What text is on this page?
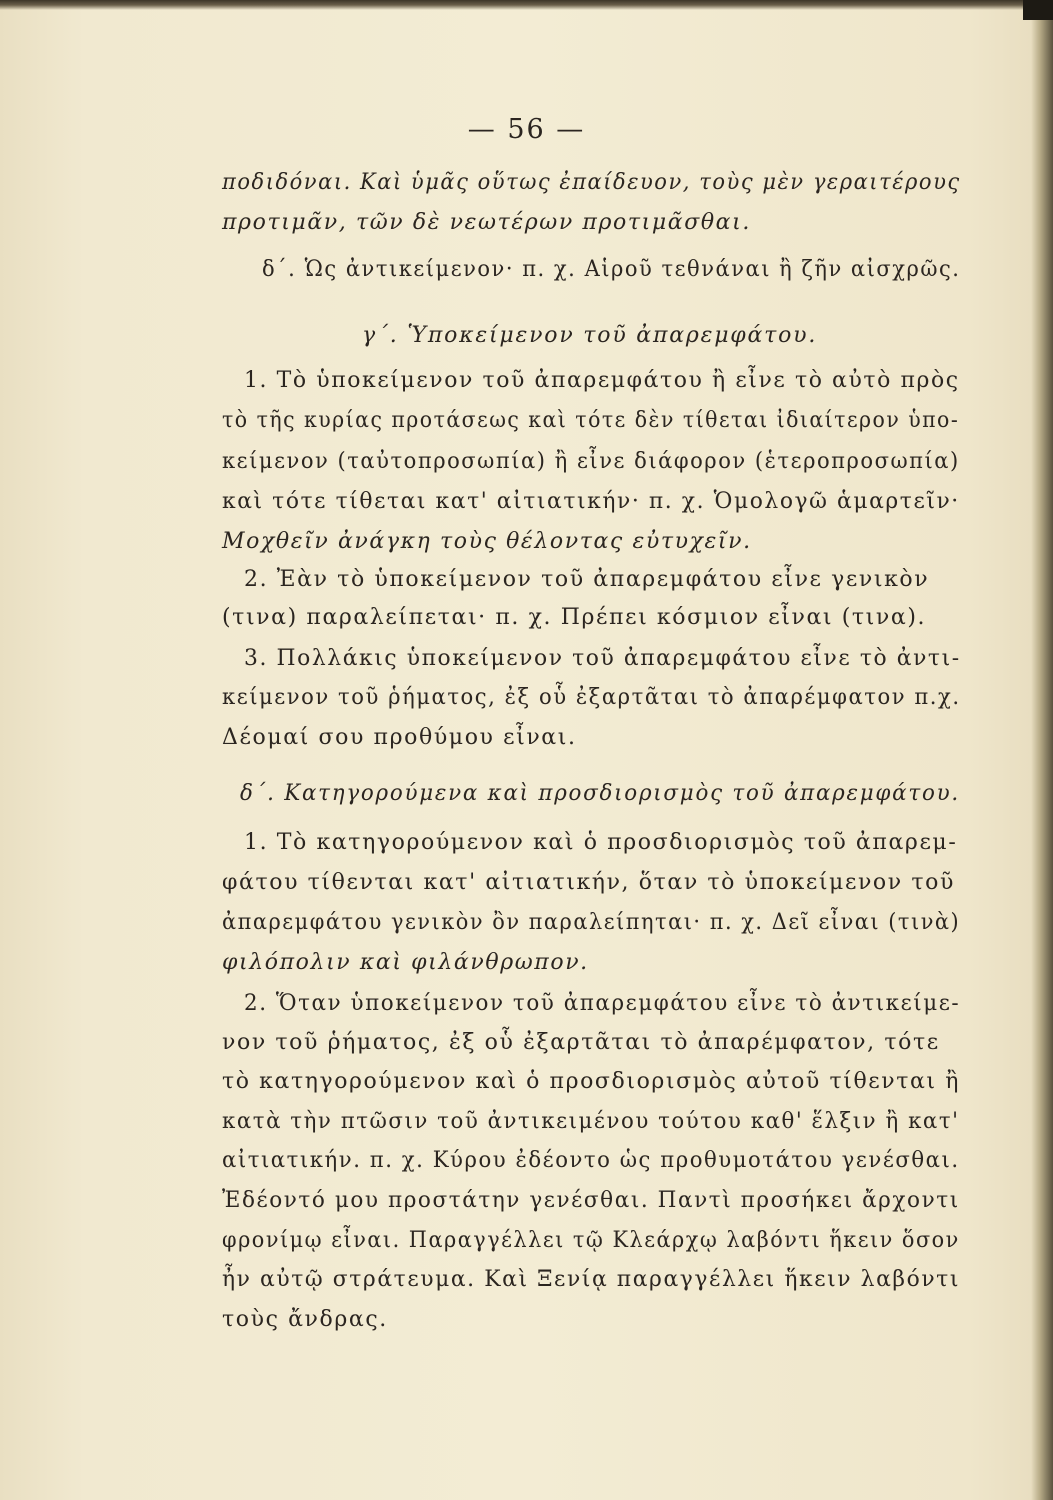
— 56 —
ποδιδόναι. Καὶ ὑμᾶς οὕτως ἐπαίδευον, τοὺς μὲν γεραιτέρους
προτιμᾶν, τῶν δὲ νεωτέρων προτιμᾶσθαι.
δ΄. Ὡς ἀντικείμενον· π. χ. Αἱροῦ τεθνάναι ἢ ζῆν αἰσχρῶς.
γ΄. Ὑποκείμενον τοῦ ἀπαρεμφάτου.
1. Τὸ ὑποκείμενον τοῦ ἀπαρεμφάτου ἢ εἶνε τὸ αὐτὸ πρὸς
τὸ τῆς κυρίας προτάσεως καὶ τότε δὲν τίθεται ἰδιαίτερον ὑπο-
κείμενον (ταὐτοπροσωπία) ἢ εἶνε διάφορον (ἑτεροπροσωπία)
καὶ τότε τίθεται κατ' αἰτιατικήν· π. χ. Ὁμολογῶ ἁμαρτεῖν·
Μοχθεῖν ἀνάγκη τοὺς θέλοντας εὐτυχεῖν.
2. Ἐὰν τὸ ὑποκείμενον τοῦ ἀπαρεμφάτου εἶνε γενικὸν
(τινα) παραλείπεται· π. χ. Πρέπει κόσμιον εἶναι (τινα).
3. Πολλάκις ὑποκείμενον τοῦ ἀπαρεμφάτου εἶνε τὸ ἀντι-
κείμενον τοῦ ῥήματος, ἐξ οὗ ἐξαρτᾶται τὸ ἀπαρέμφατον π.χ.
Δέομαί σου προθύμου εἶναι.
δ΄. Κατηγορούμενα καὶ προσδιορισμὸς τοῦ ἀπαρεμφάτου.
1. Τὸ κατηγορούμενον καὶ ὁ προσδιορισμὸς τοῦ ἀπαρεμ-
φάτου τίθενται κατ' αἰτιατικήν, ὅταν τὸ ὑποκείμενον τοῦ
ἀπαρεμφάτου γενικὸν ὂν παραλείπηται· π. χ. Δεῖ εἶναι (τινὰ)
φιλόπολιν καὶ φιλάνθρωπον.
2. Ὅταν ὑποκείμενον τοῦ ἀπαρεμφάτου εἶνε τὸ ἀντικείμε-
νον τοῦ ῥήματος, ἐξ οὗ ἐξαρτᾶται τὸ ἀπαρέμφατον, τότε
τὸ κατηγορούμενον καὶ ὁ προσδιορισμὸς αὐτοῦ τίθενται ἢ
κατὰ τὴν πτῶσιν τοῦ ἀντικειμένου τούτου καθ' ἕλξιν ἢ κατ'
αἰτιατικήν. π. χ. Κύρου ἐδέοντο ὡς προθυμοτάτου γενέσθαι.
Ἐδέοντό μου προστάτην γενέσθαι. Παντὶ προσήκει ἄρχοντι
φρονίμῳ εἶναι. Παραγγέλλει τῷ Κλεάρχῳ λαβόντι ἥκειν ὅσον
ἦν αὐτῷ στράτευμα. Καὶ Ξενίᾳ παραγγέλλει ἥκειν λαβόντι
τοὺς ἄνδρας.
